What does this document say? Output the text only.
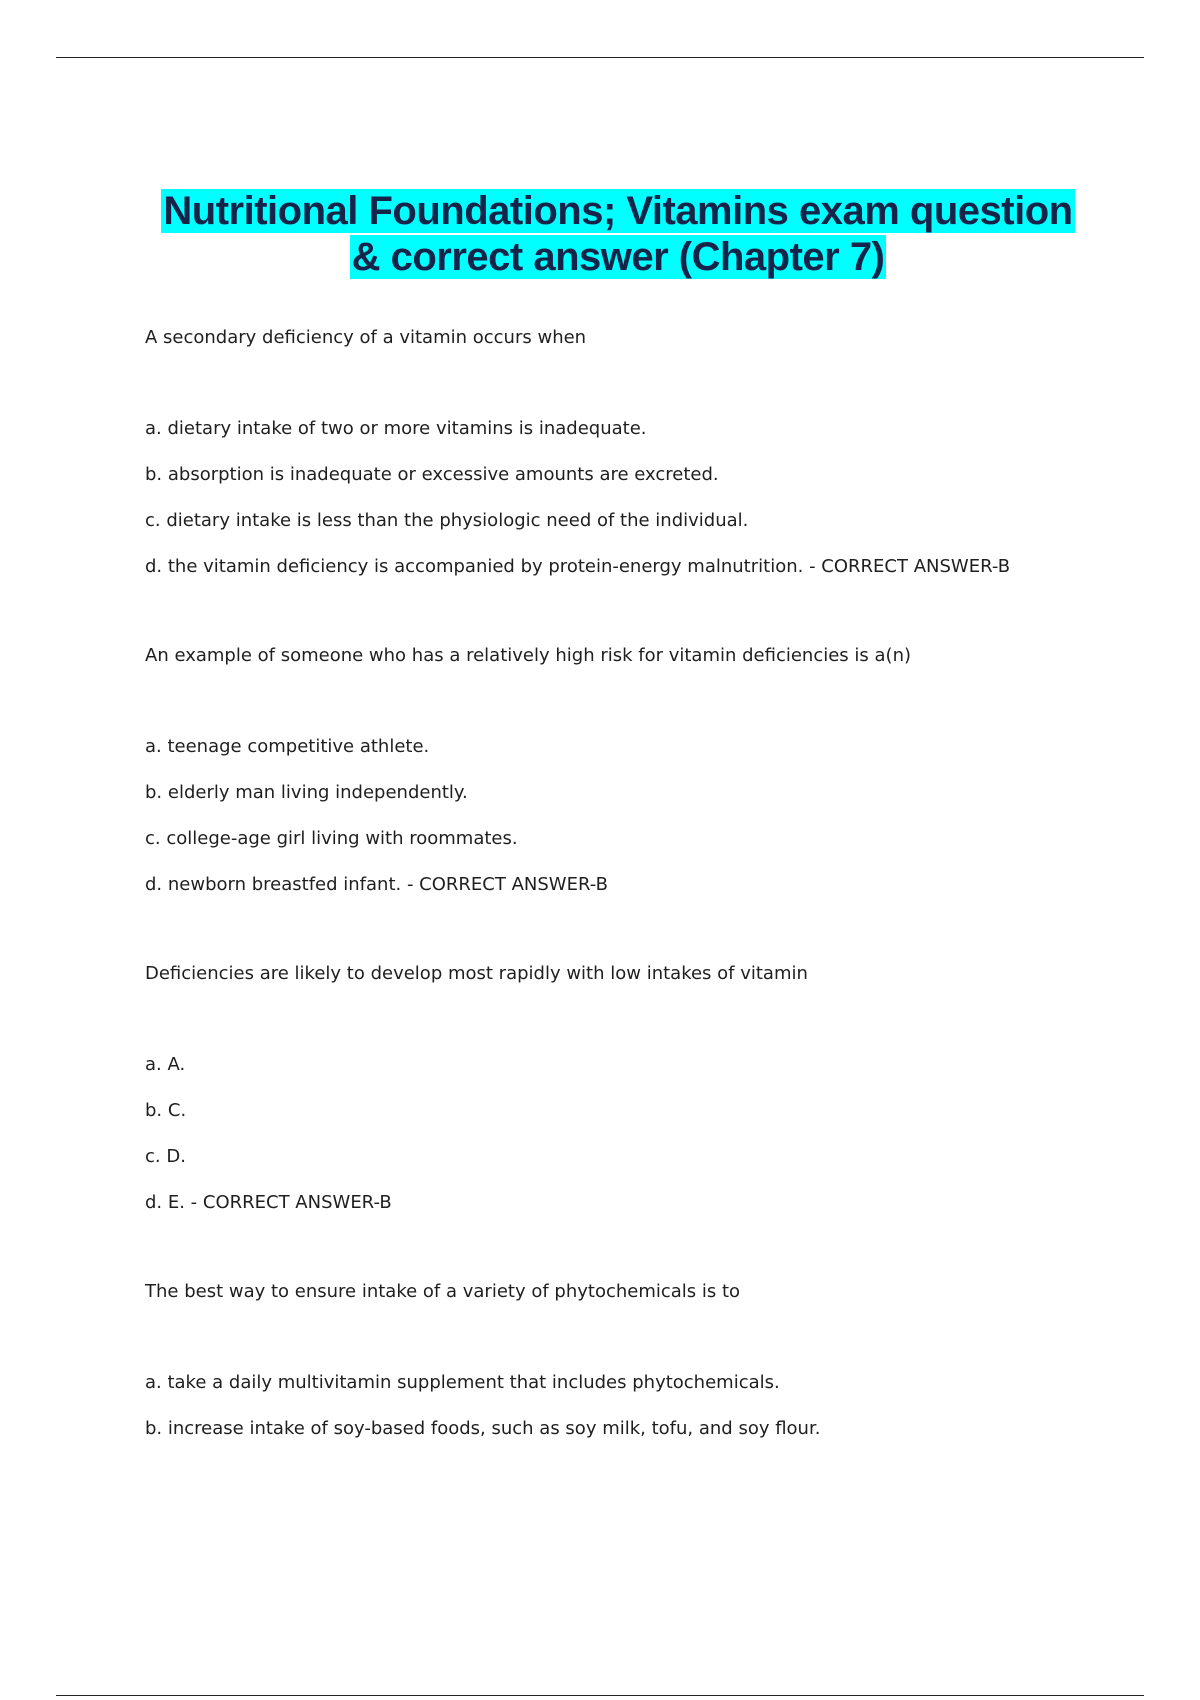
Nutritional Foundations; Vitamins exam question
& correct answer (Chapter 7)

A secondary deficiency of a vitamin occurs when

a. dietary intake of two or more vitamins is inadequate.

b. absorption is inadequate or excessive amounts are excreted.

c. dietary intake is less than the physiologic need of the individual.

d. the vitamin deficiency is accompanied by protein-energy malnutrition. - CORRECT ANSWER-B

An example of someone who has a relatively high risk for vitamin deficiencies is a(n)

a. teenage competitive athlete.

b. elderly man living independently.

c. college-age girl living with roommates.

d. newborn breastfed infant. - CORRECT ANSWER-B

Deficiencies are likely to develop most rapidly with low intakes of vitamin

a. A.

b. C.

c. D.

d. E. - CORRECT ANSWER-B

The best way to ensure intake of a variety of phytochemicals is to

a. take a daily multivitamin supplement that includes phytochemicals.

b. increase intake of soy-based foods, such as soy milk, tofu, and soy flour.
